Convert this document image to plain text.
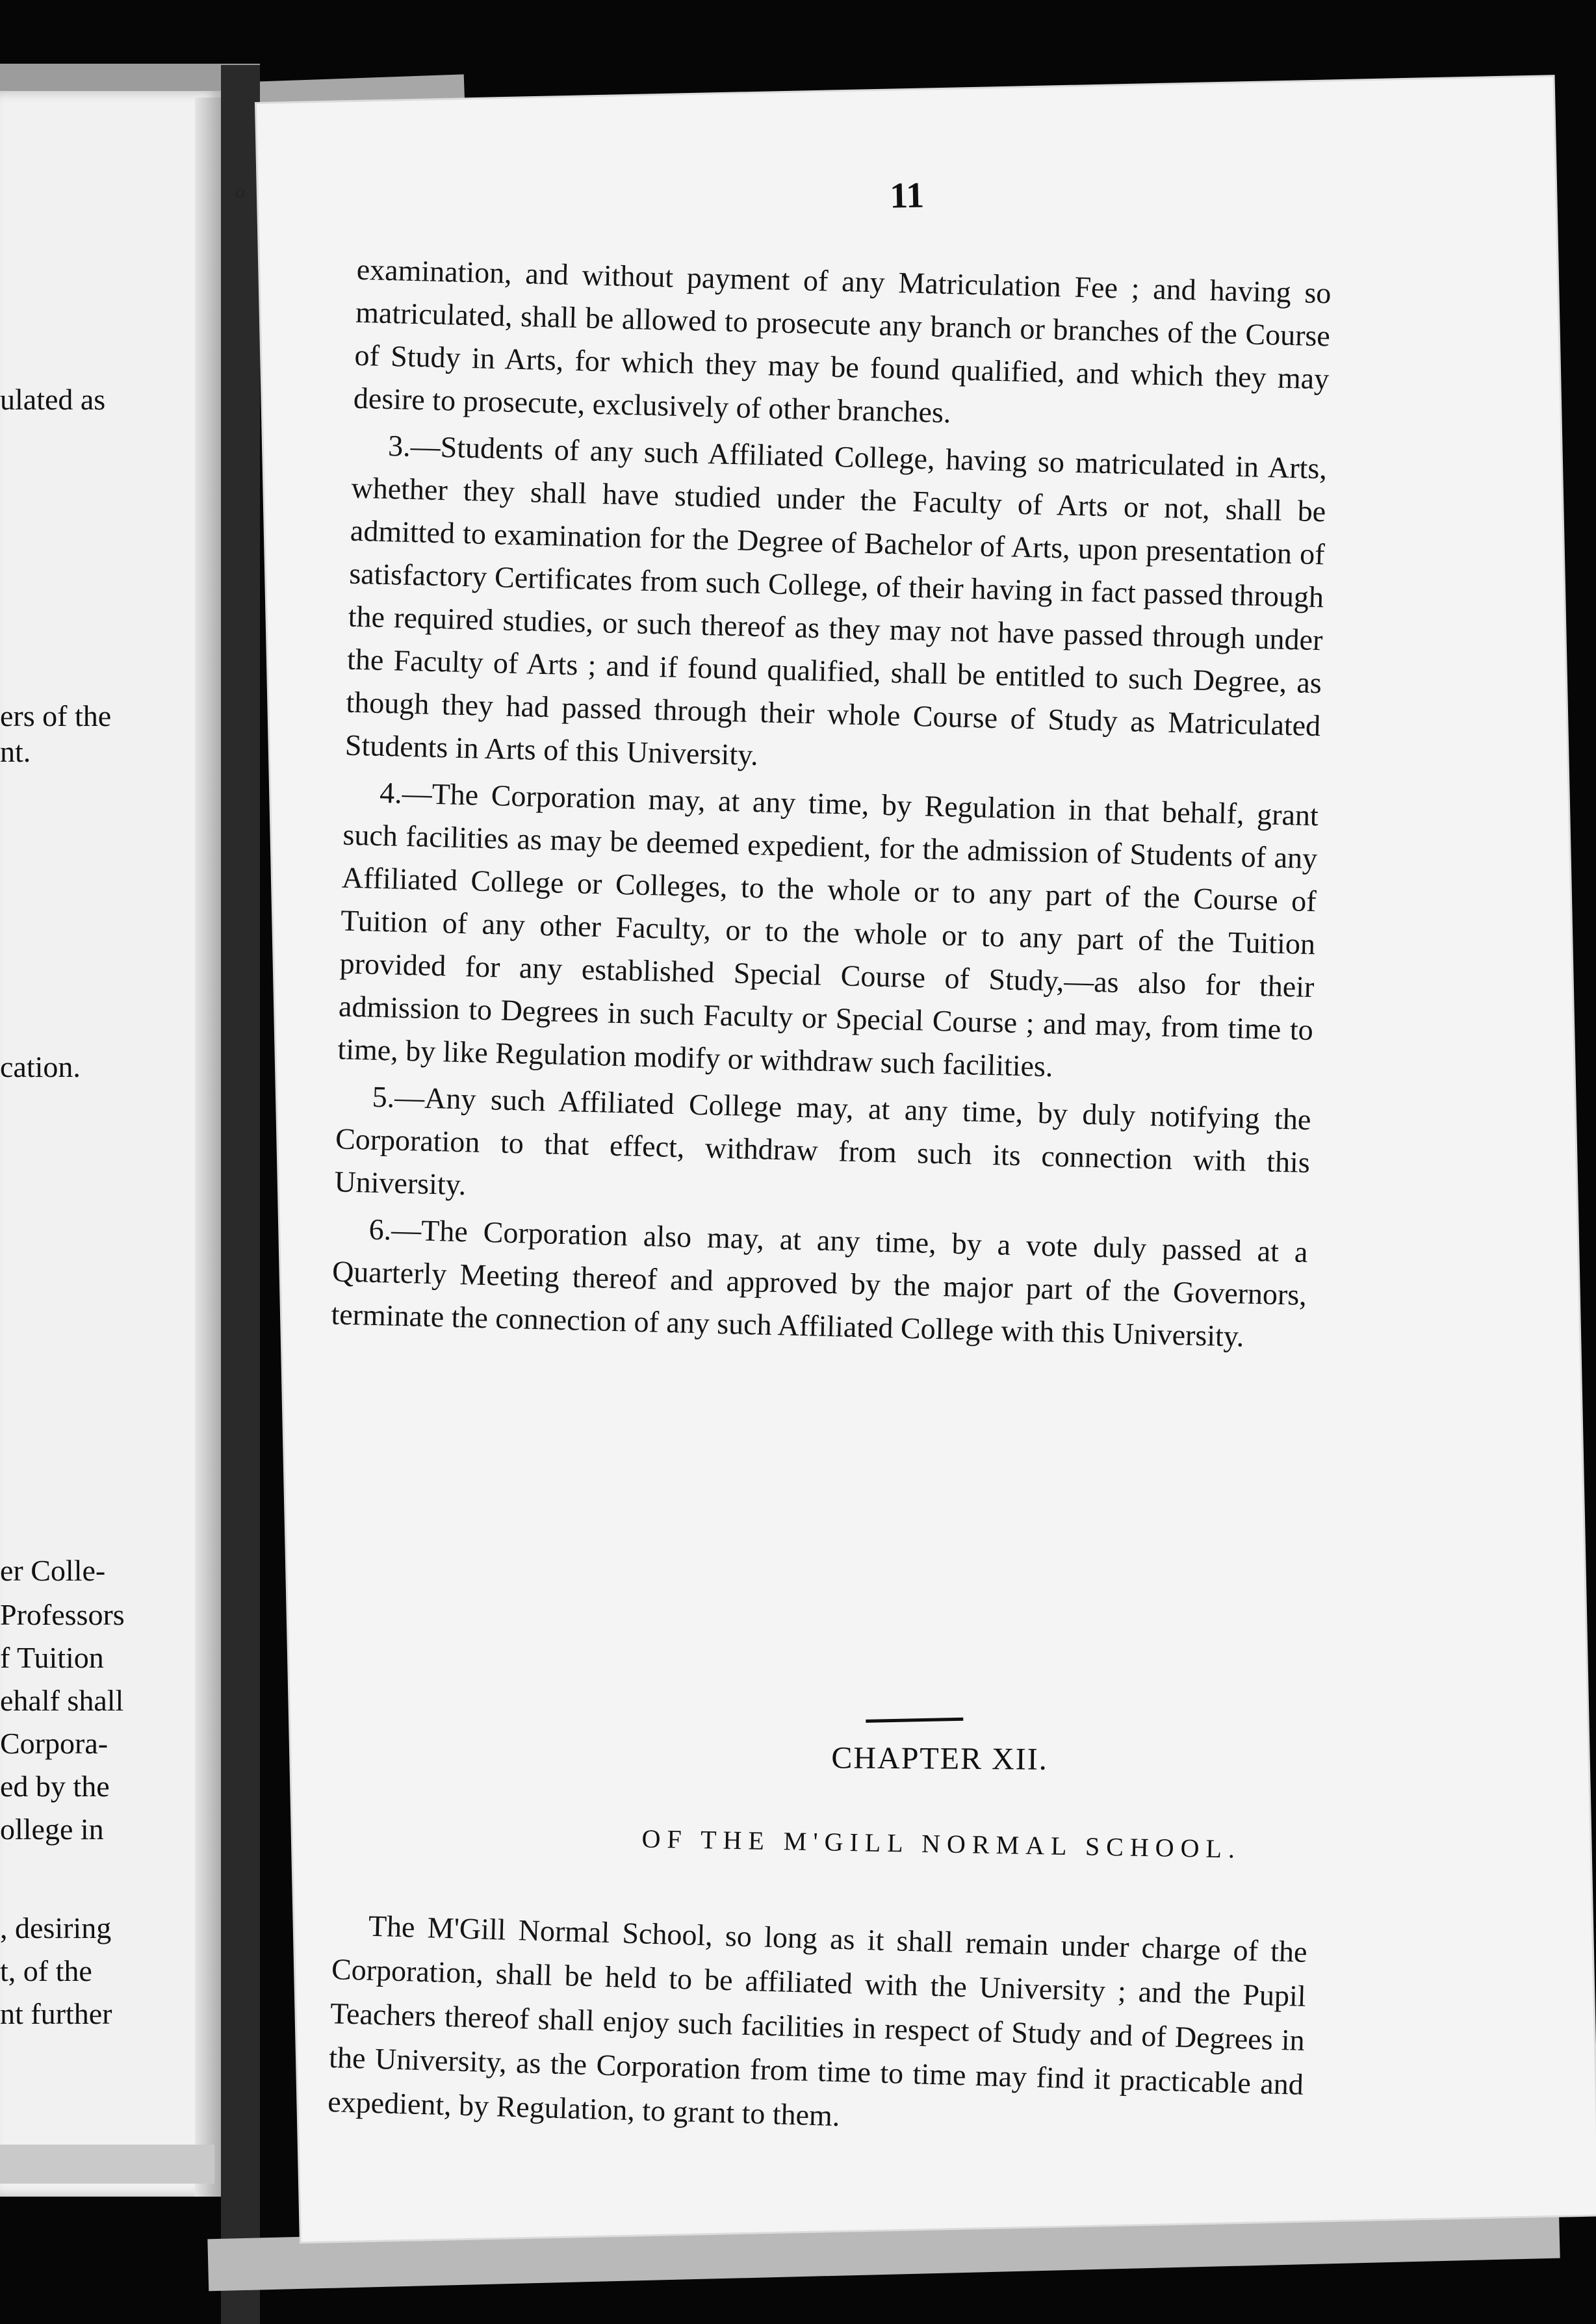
ulated as
ers of the
nt.
cation.
er Colle-
Professors
f Tuition
ehalf shall
Corpora-
ed by the
ollege in
, desiring
t, of the
nt further
o	11

examination, and without payment of any Matriculation Fee ; and having so matriculated, shall be allowed to prosecute any branch or branches of the Course of Study in Arts, for which they may be found qualified, and which they may desire to prosecute, exclusively of other branches.

3.—Students of any such Affiliated College, having so matriculated in Arts, whether they shall have studied under the Faculty of Arts or not, shall be admitted to examination for the Degree of Bachelor of Arts, upon presentation of satisfactory Certificates from such College, of their having in fact passed through the required studies, or such thereof as they may not have passed through under the Faculty of Arts ; and if found qualified, shall be entitled to such Degree, as though they had passed through their whole Course of Study as Matriculated Students in Arts of this University.

4.—The Corporation may, at any time, by Regulation in that behalf, grant such facilities as may be deemed expedient, for the admission of Students of any Affiliated College or Colleges, to the whole or to any part of the Course of Tuition of any other Faculty, or to the whole or to any part of the Tuition provided for any established Special Course of Study,—as also for their admission to Degrees in such Faculty or Special Course ; and may, from time to time, by like Regulation modify or withdraw such facilities.

5.—Any such Affiliated College may, at any time, by duly notifying the Corporation to that effect, withdraw from such its connection with this University.

6.—The Corporation also may, at any time, by a vote duly passed at a Quarterly Meeting thereof and approved by the major part of the Governors, terminate the connection of any such Affiliated College with this University.

CHAPTER XII.
OF THE M'GILL NORMAL SCHOOL.

The M'Gill Normal School, so long as it shall remain under charge of the Corporation, shall be held to be affiliated with the University ; and the Pupil Teachers thereof shall enjoy such facilities in respect of Study and of Degrees in the University, as the Corporation from time to time may find it practicable and expedient, by Regulation, to grant to them.
